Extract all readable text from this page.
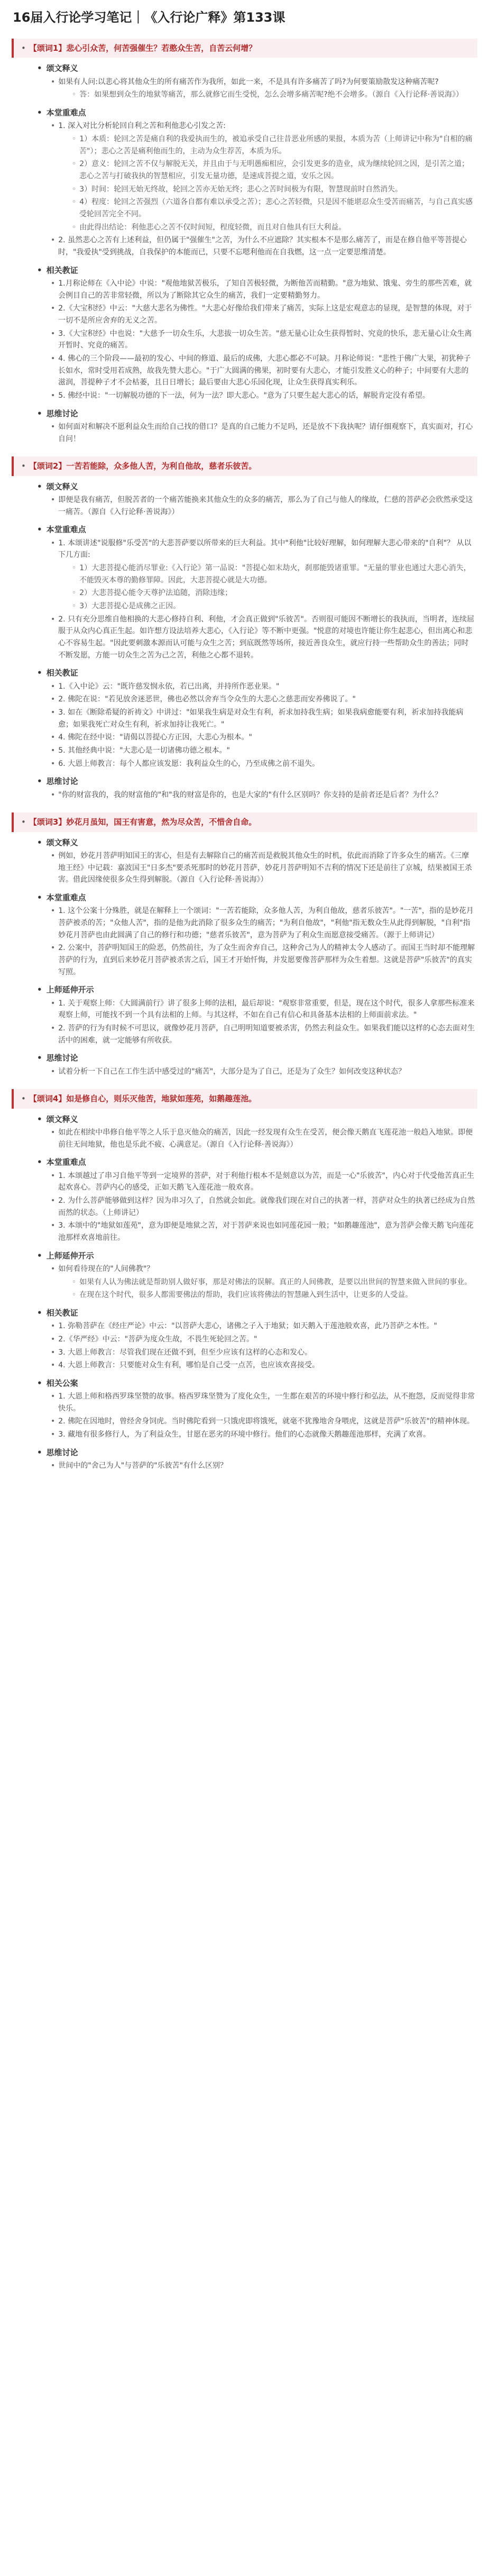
16届入行论学习笔记｜《入行论广释》第133课
• 【颂词1】悲心引众苦，何苦强催生？若憨众生苦，自苦云何增？
• 颂文释义
• 如果有人问:以悲心将其他众生的所有痛苦作为我所，如此一来，不是具有许多痛苦了吗?为何要策励散发这种痛苦呢?
◦ 答：如果想到众生的地狱等痛苦，那么就修它而生受悦，怎么会增多痛苦呢?绝不会增多。（源自《入行论释·善说海》）
• 本堂重难点
• 1. 深入对比分析轮回自利之苦和利他悲心引发之苦:
◦ 1）本质：轮回之苦是痛自利的我爱执而生的，被追承受自己往昔恶业所感的果报，本质为苦（上师讲记中称为"自相的痛苦"）；悲心之苦是痛利他而生的，主动为众生荐苦，本质为乐。
◦ 2）意义：轮回之苦不仅与解脱无关，并且由于与无明愚痴相应，会引发更多的造业，成为继续轮回之因，是引苦之道；悲心之苦与打破我执的智慧相应，引发无量功德，是速成菩提之道，安乐之因。
◦ 3）时间：轮回无始无终故，轮回之苦亦无始无终；悲心之苦时间极为有限，智慧现前时自然消失。
◦ 4）程度：轮回之苦强烈（六道各自都有难以承受之苦）；悲心之苦轻微，只是因不能堪忍众生受苦而痛苦，与自己真实感受轮回苦完全不同。
◦ 由此得出结论：利他悲心之苦不仅时间短，程度轻微，而且对自他具有巨大利益。
• 2. 虽然悲心之苦有上述利益，但仍属于"强催生"之苦，为什么不应遮除？其实根本不是那么痛苦了，而是在修自他平等菩提心时，"我爱执"受到挑战，自我保护的本能而已，只要不忘嗯利他而在自我燃，这一点一定要思维清楚。
• 相关教证
• 1.月称论师在《入中论》中说："观他地狱苦极乐，了知自苦极轻微，为断他苦而精勤。"意为地狱、饿鬼、旁生的那些苦难，就会例目自己的苦非常轻微，所以为了断除其它众生的痛苦，我们一定要精勤努力。
• 2.《大宝积经》中云："大慈大悲名为佛性。"大悲心好像给我们带来了痛苦，实际上这是宏观意志的显现，是智慧的体现，对于一切不是所应舍弃的无义之苦。
• 3.《大宝积经》中也说："大慈予一切众生乐，大悲拔一切众生苦。"慈无量心让众生获得暂时、究竟的快乐，悲无量心让众生离开暂时、究竟的痛苦。
• 4. 佛心的三个阶段——最初的发心、中间的修道、最后的成佛，大悲心都必不可缺。月称论师说："悲性于佛广大果，初犹种子长如水，常时受用若成熟，故我先赞大悲心。"于广大圆满的佛果，初时要有大悲心，才能引发胜义心的种子；中间要有大悲的滋润，菩提种子才不会枯萎，且日日增长；最后要由大悲心乐园化现，让众生获得真实利乐。
• 5. 佛经中说："一切解脱功德的下一法，何为一法？即大悲心。"意为了只要生起大悲心的话，解脱肯定没有希望。
• 思维讨论
• 如何面对和解决不愿利益众生而给自己找的借口？是真的自己能力不足吗，还是放不下我执呢？请仔细观察下，真实面对，打心自问！
• 【颂词2】一苦若能除，众多他人苦，为利自他故，慈者乐彼苦。
• 颂文释义
• 即便是我有痛苦，但脱苦者的一个痛苦能换来其他众生的众多的痛苦，那么为了自己与他人的缘故，仁慈的菩萨必会欣然承受这一痛苦。（源自《入行论释·善说海》）
• 本堂重难点
• 1. 本颂讲述"说服修"乐受苦"的大悲菩萨要以所带来的巨大利益。其中"利他"比较好理解，如何理解大悲心带来的"自利"？ 从以下几方面:
◦ 1）大悲菩提心能消尽罪业:《入行论》第一品说："菩提心如末劫火，刹那能毁诸重罪。"无量的罪业也通过大悲心消失，不能毁灭本尊的勤修罪障。因此，大悲菩提心就是大功德。
◦ 2）大悲菩提心能令天尊护法追随，消除违缘；
◦ 3）大悲菩提心是成佛之正因。
• 2. 只有充分思维自他相换的大悲心修持自利、利他，才会真正做到"乐彼苦"。否则很可能因不断增长的我执而，当明者，连续屈服于从众内心真正生起。如许想方设法培养大悲心，《入行论》等不断中更强。"悦意的对境也许能让你生起悲心，但出离心和悲心不容易生起。"因此要刺激本源而认可能与众生之苦；到底既然等场所，接近善良众生，就应行持一些帮助众生的善法；同时不断发愿，方能一切众生之苦为己之苦，利他之心都不退转。
• 相关教证
• 1.《入中论》云："既许慈发悯永依，若已出离，并持所作恶业果。"
• 2. 佛陀在说："若见放舍迷恶世，佛也必然以舍弃当令众生的大悲心之慈悲而安养佛说了。"
• 3. 如在《断除希疑的祈祷文》中讲过："如果我生病是对众生有利，祈求加持我生病；如果我病愈能要有利，祈求加持我能病愈；如果我死亡对众生有利，祈求加持让我死亡。"
• 4. 佛陀在经中说："请偈以菩提心方正因，大悲心为根本。"
• 5. 其他经典中说："大悲心是一切诸佛功德之根本。"
• 6. 大恩上师教言：每个人都应该发愿：我利益众生的心，乃至成佛之前不退失。
• 思维讨论
• "你的财富我的，我的财富他的"和"我的财富是你的，也是大家的"有什么区别吗？你支持的是前者还是后者？为什么？
• 【颂词3】妙花月虽知，国王有害意，然为尽众苦，不惜舍自命。
• 颂文释义
• 例如，妙花月菩萨明知国王的害心，但是有去解除自己的痛苦而是救脱其他众生的时机，依此而消除了许多众生的痛苦。《三摩地王经》中记载：嘉波国王"日多杰"要杀死那时的妙花月菩萨，妙花月菩萨明知不吉利的情况下还是前往了京城，结果被国王杀害。借此因缘使很多众生得到解脱。（源自《入行论释·善说海》）
• 本堂重难点
• 1. 这个公案十分殊胜，就是在解释上一个颂词："一苦若能除，众多他人苦，为利自他故，慈者乐彼苦"。"一苦"，指的是妙花月菩萨被杀的苦；"众他人苦"，指的是他为此消除了很多众生的痛苦；"为利自他故"，"利他"指无数众生从此得到解脱，"自利"指妙花月菩萨也由此圆满了自己的修行和功德；"慈者乐彼苦"，意为菩萨为了利众生而愿意接受痛苦。（源于上师讲记）
• 2. 公案中，菩萨明知国王的险恶，仍然前往，为了众生而舍弃自己，这种舍己为人的精神太令人感动了。而国王当时却不能理解菩萨的行为，直到后来妙花月菩萨被杀害之后，国王才开始忏悔，并发愿要像菩萨那样为众生着想。这就是菩萨"乐彼苦"的真实写照。
• 上师延伸开示
• 1. 关于观察上师：《大圆满前行》讲了很多上师的法相，最后却说："观察非常重要，但是，现在这个时代，很多人拿那些标准来观察上师，可能找不到一个具有法相的上师。与其这样，不如在自己有信心和具备基本法相的上师面前求法。"
• 2. 菩萨的行为有时候不可思议，就像妙花月菩萨，自己明明知道要被杀害，仍然去利益众生。如果我们能以这样的心态去面对生活中的困难，就一定能够有所收获。
• 思维讨论
• 试着分析一下自己在工作生活中感受过的"痛苦"，大部分是为了自己，还是为了众生？如何改变这种状态？
• 【颂词4】如是修自心，则乐灭他苦，地狱如莲苑，如鹅趣莲池。
• 颂文释义
• 如此在相续中串修自他平等之人乐于息灭他众的痛苦，因此一经发现有众生在受苦，便会像天鹅直飞莲花池一般趋入地狱。即便前往无间地狱，他也是乐此不疲、心满意足。（源自《入行论释·善说海》）
• 本堂重难点
• 1. 本颂越过了串习自他平等到一定境界的菩萨，对于利他行根本不是刻意以为苦，而是一心"乐彼苦"，内心对于代受他苦真正生起欢喜心。菩萨内心的感受，正如天鹅飞入莲花池一般欢喜。
• 2. 为什么菩萨能够做到这样？因为串习久了，自然就会如此。就像我们现在对自己的执著一样，菩萨对众生的执著已经成为自然而然的状态。（上师讲记）
• 3. 本颂中的"地狱如莲苑"，意为即便是地狱之苦，对于菩萨来说也如同莲花园一般；"如鹅趣莲池"，意为菩萨会像天鹅飞向莲花池那样欢喜地前往。
• 上师延伸开示
• 如何看待现在的"人间佛教"？
◦ 如果有人认为佛法就是帮助别人做好事，那是对佛法的误解。真正的人间佛教，是要以出世间的智慧来做入世间的事业。
◦ 在现在这个时代，很多人都需要佛法的帮助，我们应该将佛法的智慧融入到生活中，让更多的人受益。
• 相关教证
• 1. 弥勒菩萨在《经庄严论》中云："以菩萨大悲心，诸佛之子入于地狱；如天鹅入于莲池般欢喜，此乃菩萨之本性。"
• 2.《华严经》中云："菩萨为度众生故，不畏生死轮回之苦。"
• 3. 大恩上师教言：尽管我们现在还做不到，但至少应该有这样的心态和发心。
• 4. 大恩上师教言：只要能对众生有利，哪怕是自己受一点苦，也应该欢喜接受。
• 相关公案
• 1. 大恩上师和格西罗珠坚赞的故事。格西罗珠坚赞为了度化众生，一生都在艰苦的环境中修行和弘法，从不抱怨，反而觉得非常快乐。
• 2. 佛陀在因地时，曾经舍身饲虎。当时佛陀看到一只饿虎即将饿死，就毫不犹豫地舍身喂虎，这就是菩萨"乐彼苦"的精神体现。
• 3. 藏地有很多修行人，为了利益众生，甘愿在恶劣的环境中修行。他们的心态就像天鹅趣莲池那样，充满了欢喜。
• 思维讨论
• 世间中的"舍己为人"与菩萨的"乐彼苦"有什么区别？
